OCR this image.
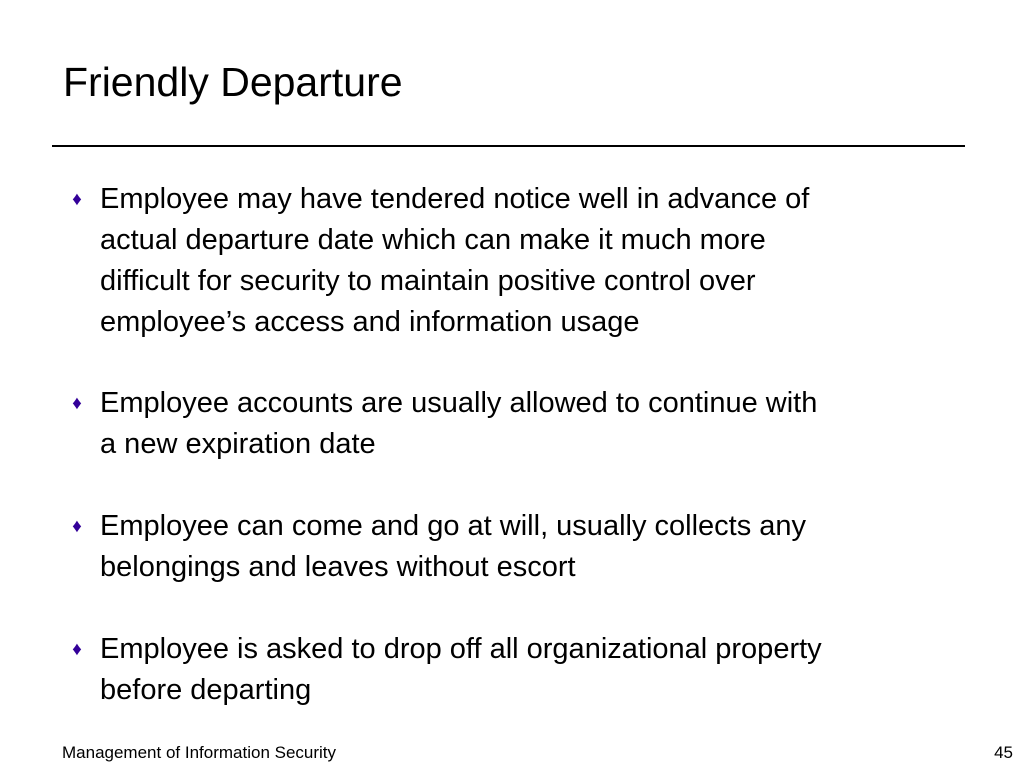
Friendly Departure
♦ Employee may have tendered notice well in advance of
actual departure date which can make it much more
difficult for security to maintain positive control over
employee’s access and information usage
♦ Employee accounts are usually allowed to continue with
a new expiration date
♦ Employee can come and go at will, usually collects any
belongings and leaves without escort
♦ Employee is asked to drop off all organizational property
before departing
Management of Information Security	45
